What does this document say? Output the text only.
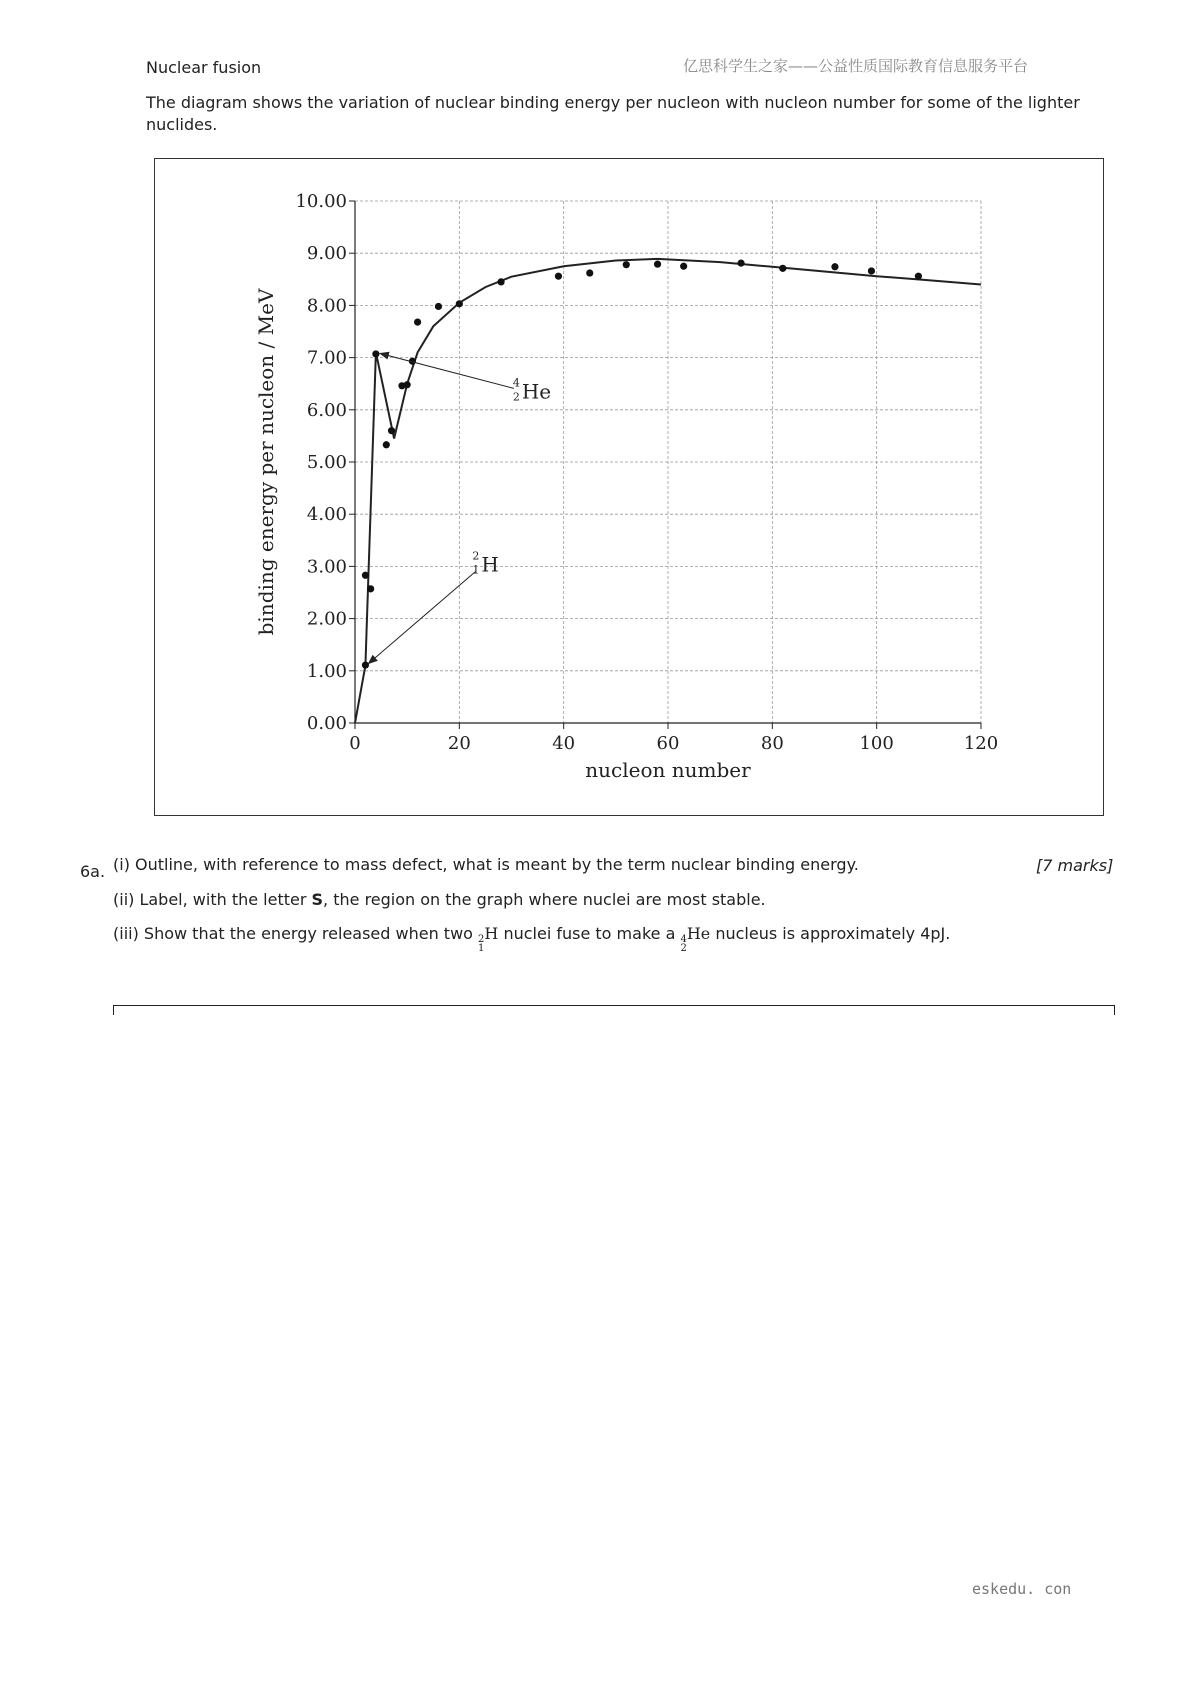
Nuclear fusion	亿思科学生之家——公益性质国际教育信息服务平台
The diagram shows the variation of nuclear binding energy per nucleon with nucleon number for some of the lighter nuclides.
0.00
1.00
2.00
3.00
4.00
5.00
6.00
7.00
8.00
9.00
10.00
0	20	40	60	80	100	120
nucleon number
binding energy per nucleon / MeV	4
2 He
2
1 H
6a.	[7 marks]
(i) Outline, with reference to mass defect, what is meant by the term nuclear binding energy.
(ii) Label, with the letter S, the region on the graph where nuclei are most stable.
(iii) Show that the energy released when two 2
1
H nuclei fuse to make a 4
2
He nucleus is approximately 4pJ.
eskedu. con
